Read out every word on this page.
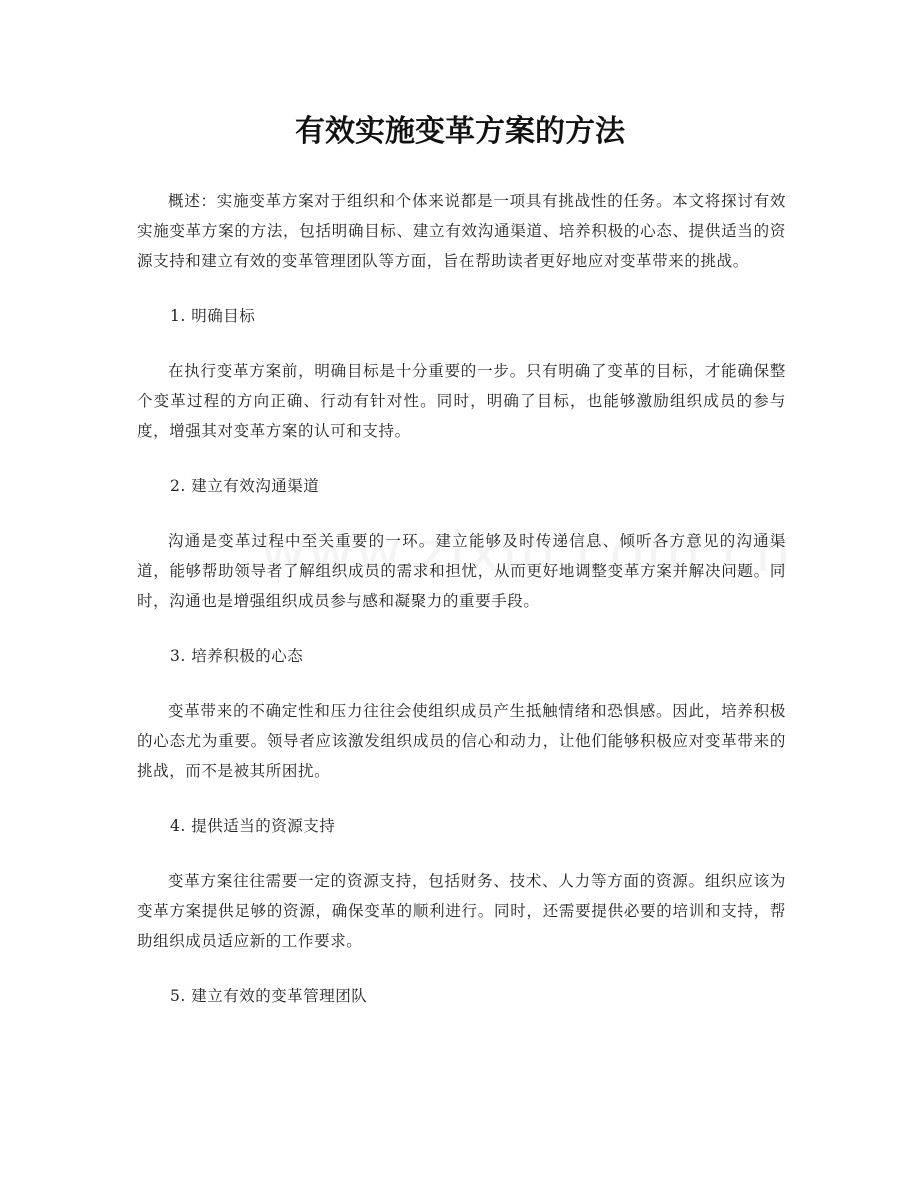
有效实施变革方案的方法

概述：实施变革方案对于组织和个体来说都是一项具有挑战性的任务。本文将探讨有效实施变革方案的方法，包括明确目标、建立有效沟通渠道、培养积极的心态、提供适当的资源支持和建立有效的变革管理团队等方面，旨在帮助读者更好地应对变革带来的挑战。

1. 明确目标

在执行变革方案前，明确目标是十分重要的一步。只有明确了变革的目标，才能确保整个变革过程的方向正确、行动有针对性。同时，明确了目标，也能够激励组织成员的参与度，增强其对变革方案的认可和支持。

2. 建立有效沟通渠道

沟通是变革过程中至关重要的一环。建立能够及时传递信息、倾听各方意见的沟通渠道，能够帮助领导者了解组织成员的需求和担忧，从而更好地调整变革方案并解决问题。同时，沟通也是增强组织成员参与感和凝聚力的重要手段。

3. 培养积极的心态

变革带来的不确定性和压力往往会使组织成员产生抵触情绪和恐惧感。因此，培养积极的心态尤为重要。领导者应该激发组织成员的信心和动力，让他们能够积极应对变革带来的挑战，而不是被其所困扰。

4. 提供适当的资源支持

变革方案往往需要一定的资源支持，包括财务、技术、人力等方面的资源。组织应该为变革方案提供足够的资源，确保变革的顺利进行。同时，还需要提供必要的培训和支持，帮助组织成员适应新的工作要求。

5. 建立有效的变革管理团队
